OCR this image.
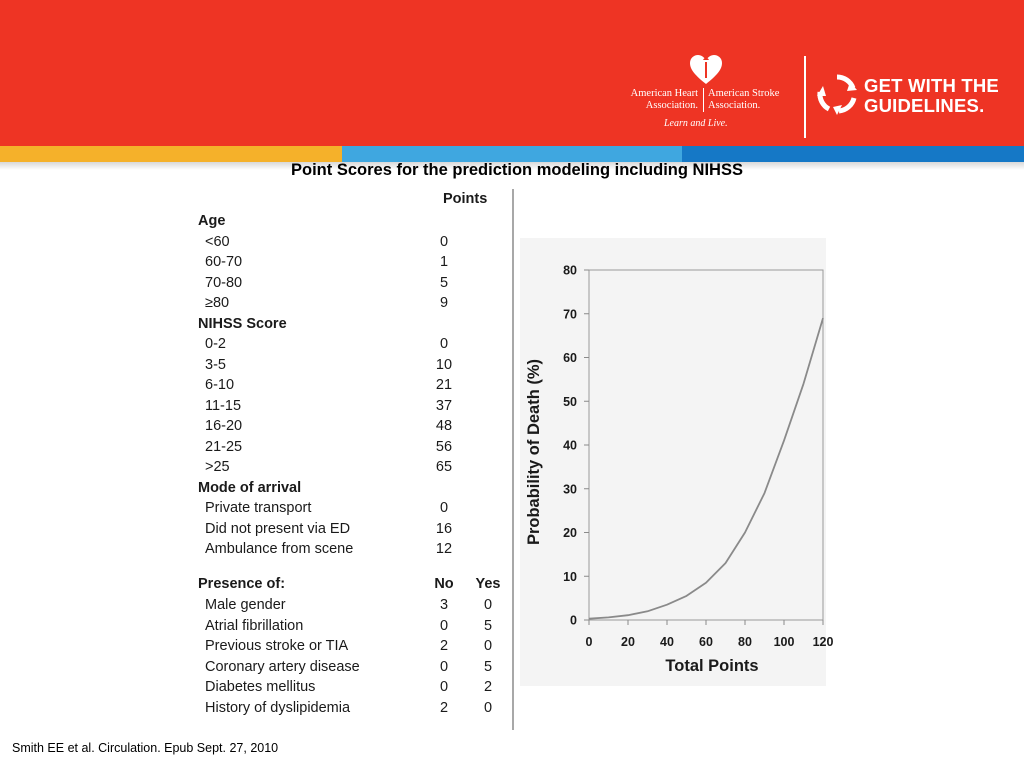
American Heart
Association.
American Stroke
Association.
Learn and Live.
GET WITH THE
GUIDELINES.
Point Scores for the prediction modeling including NIHSS
Points
Age
<60	0
60-70	1
70-80	5
≥80	9
NIHSS Score
0-2	0
3-5	10
6-10	21
11-15	37
16-20	48
21-25	56
>25	65
Mode of arrival
Private transport	0
Did not present via ED	16
Ambulance from scene	12
Presence of:	No	Yes
Male gender	3	0
Atrial fibrillation	0	5
Previous stroke or TIA	2	0
Coronary artery disease	0	5
Diabetes mellitus	0	2
History of dyslipidemia	2	0
0
10
20
30
40
50
60
70
80
0 20 40 60 80 100 120
Total Points
Probability of Death (%)
Smith EE et al. Circulation. Epub Sept. 27, 2010
